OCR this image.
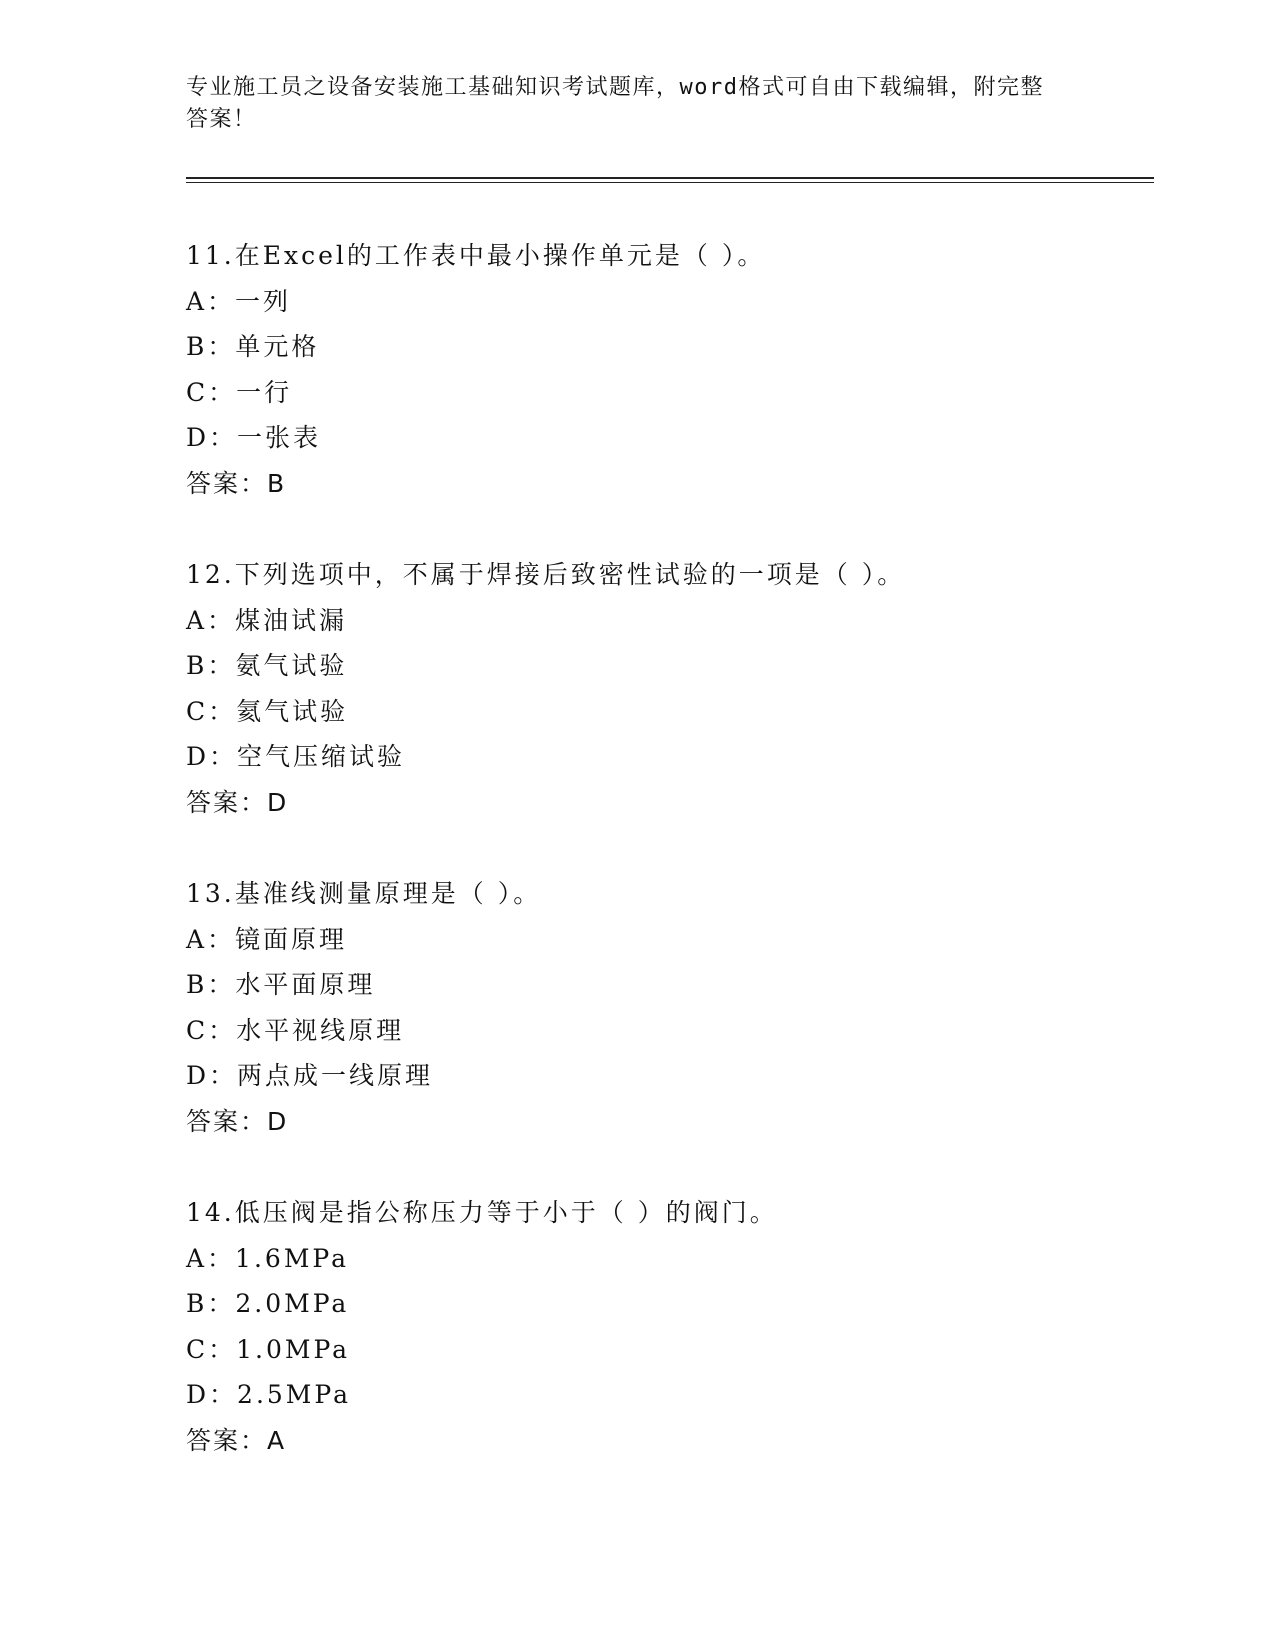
专业施工员之设备安装施工基础知识考试题库，word格式可自由下载编辑，附完整答案！
11.在Excel的工作表中最小操作单元是（ ）。
A：一列
B：单元格
C：一行
D：一张表
答案：B
12.下列选项中，不属于焊接后致密性试验的一项是（ ）。
A：煤油试漏
B：氨气试验
C：氦气试验
D：空气压缩试验
答案：D
13.基准线测量原理是（ ）。
A：镜面原理
B：水平面原理
C：水平视线原理
D：两点成一线原理
答案：D
14.低压阀是指公称压力等于小于（ ）的阀门。
A：1.6MPa
B：2.0MPa
C：1.0MPa
D：2.5MPa
答案：A
